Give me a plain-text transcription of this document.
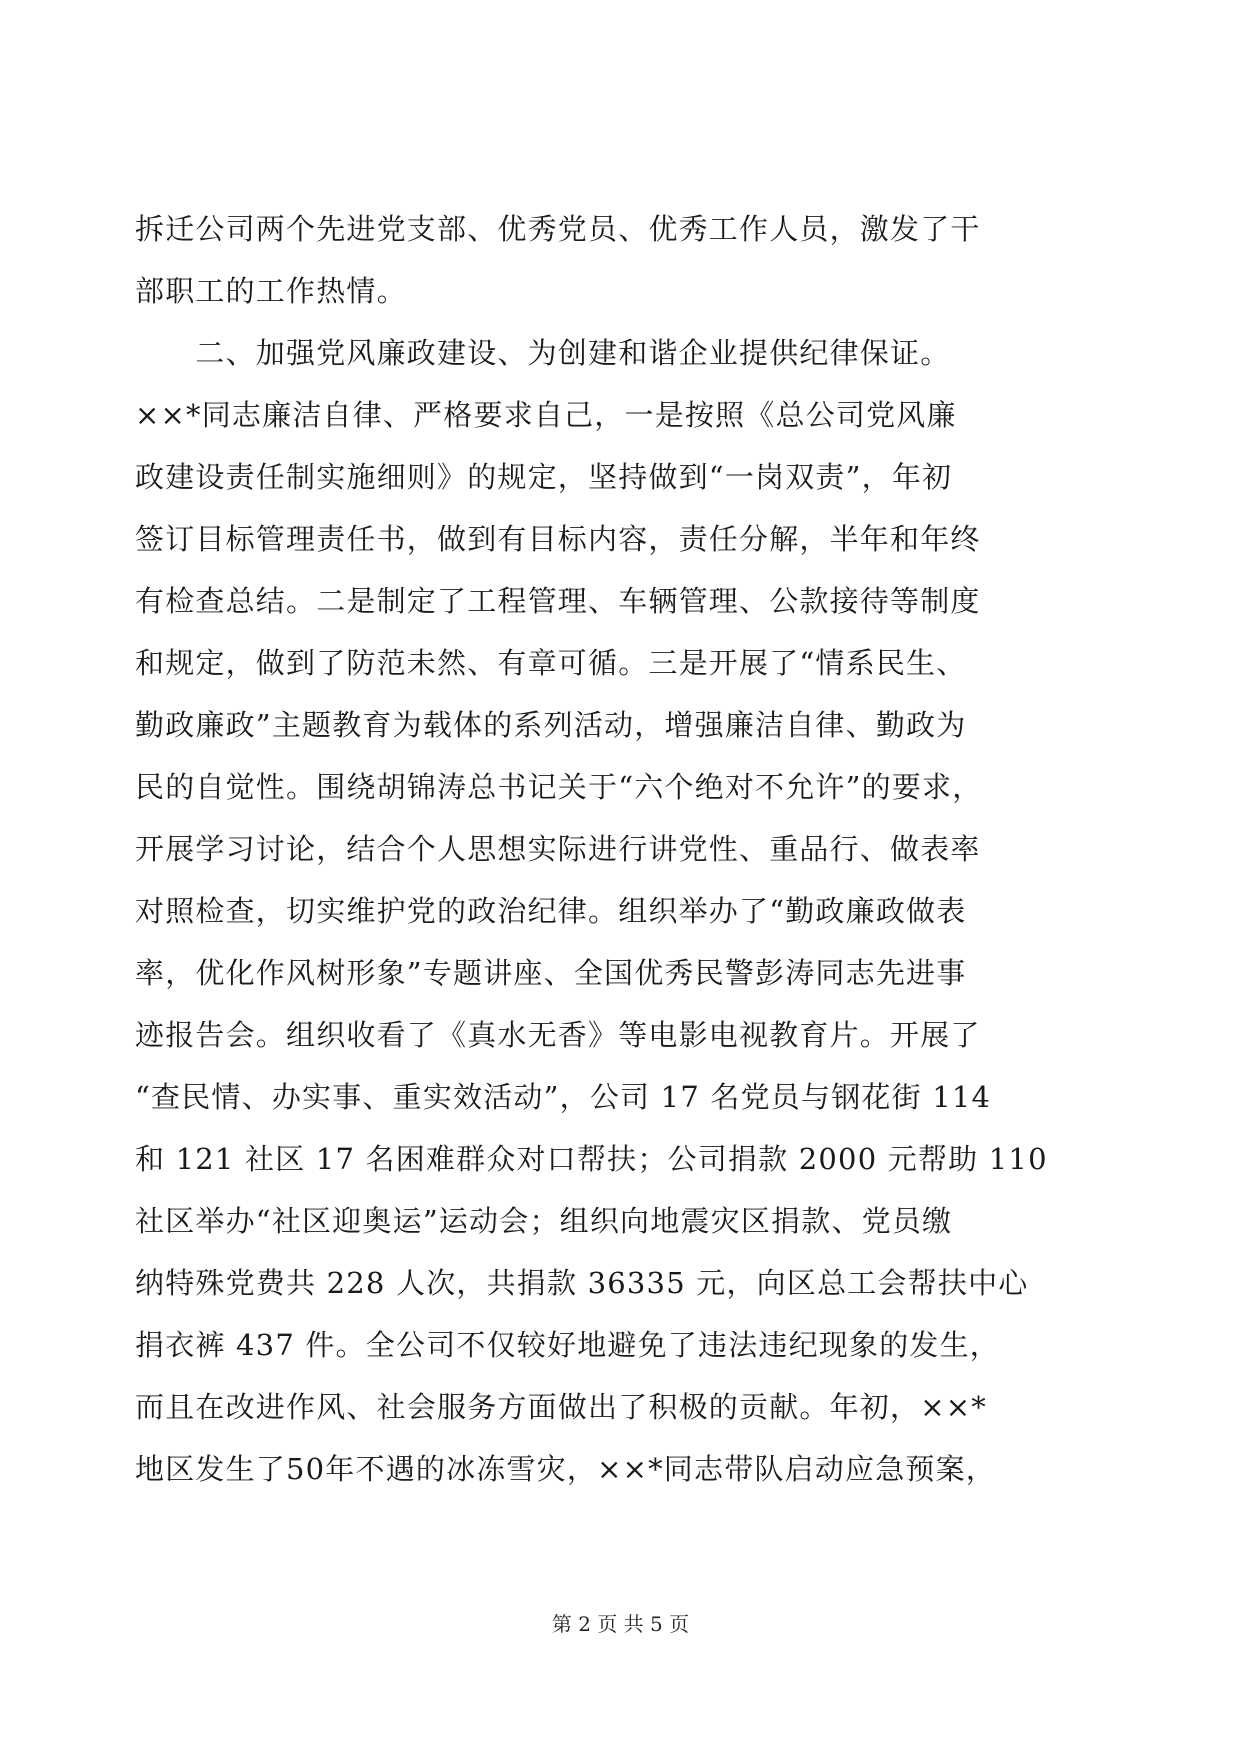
拆迁公司两个先进党支部、优秀党员、优秀工作人员，激发了干
部职工的工作热情。
　　二、加强党风廉政建设、为创建和谐企业提供纪律保证。
××*同志廉洁自律、严格要求自己，一是按照《总公司党风廉
政建设责任制实施细则》的规定，坚持做到“一岗双责”，年初
签订目标管理责任书，做到有目标内容，责任分解，半年和年终
有检查总结。二是制定了工程管理、车辆管理、公款接待等制度
和规定，做到了防范未然、有章可循。三是开展了“情系民生、
勤政廉政”主题教育为载体的系列活动，增强廉洁自律、勤政为
民的自觉性。围绕胡锦涛总书记关于“六个绝对不允许”的要求，
开展学习讨论，结合个人思想实际进行讲党性、重品行、做表率
对照检查，切实维护党的政治纪律。组织举办了“勤政廉政做表
率，优化作风树形象”专题讲座、全国优秀民警彭涛同志先进事
迹报告会。组织收看了《真水无香》等电影电视教育片。开展了
“查民情、办实事、重实效活动”，公司 17 名党员与钢花街 114
和 121 社区 17 名困难群众对口帮扶；公司捐款 2000 元帮助 110
社区举办“社区迎奥运”运动会；组织向地震灾区捐款、党员缴
纳特殊党费共 228 人次，共捐款 36335 元，向区总工会帮扶中心
捐衣裤 437 件。全公司不仅较好地避免了违法违纪现象的发生，
而且在改进作风、社会服务方面做出了积极的贡献。年初，××*
地区发生了50年不遇的冰冻雪灾，××*同志带队启动应急预案，
第 2 页 共 5 页
